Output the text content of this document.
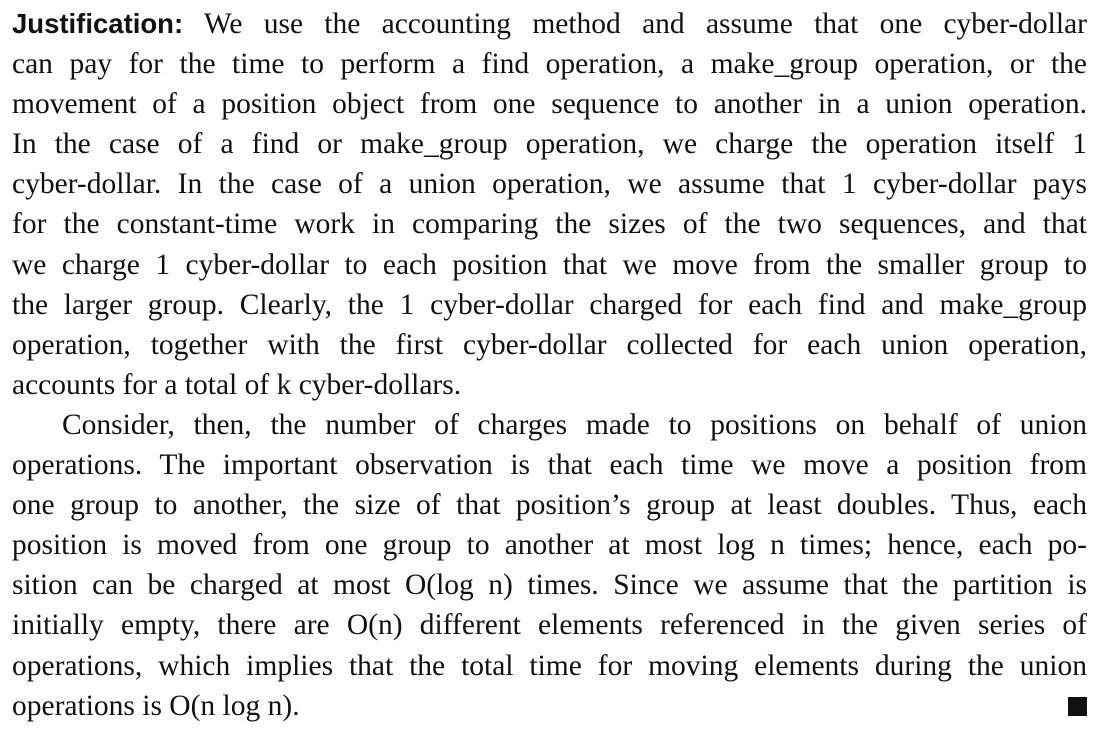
Justification: We use the accounting method and assume that one cyber-dollar
can pay for the time to perform a find operation, a make_group operation, or the
movement of a position object from one sequence to another in a union operation.
In the case of a find or make_group operation, we charge the operation itself 1
cyber-dollar. In the case of a union operation, we assume that 1 cyber-dollar pays
for the constant-time work in comparing the sizes of the two sequences, and that
we charge 1 cyber-dollar to each position that we move from the smaller group to
the larger group. Clearly, the 1 cyber-dollar charged for each find and make_group
operation, together with the first cyber-dollar collected for each union operation,
accounts for a total of k cyber-dollars.

Consider, then, the number of charges made to positions on behalf of union
operations. The important observation is that each time we move a position from
one group to another, the size of that position’s group at least doubles. Thus, each
position is moved from one group to another at most log n times; hence, each po-
sition can be charged at most O(log n) times. Since we assume that the partition is
initially empty, there are O(n) different elements referenced in the given series of
operations, which implies that the total time for moving elements during the union
operations is O(n log n).
